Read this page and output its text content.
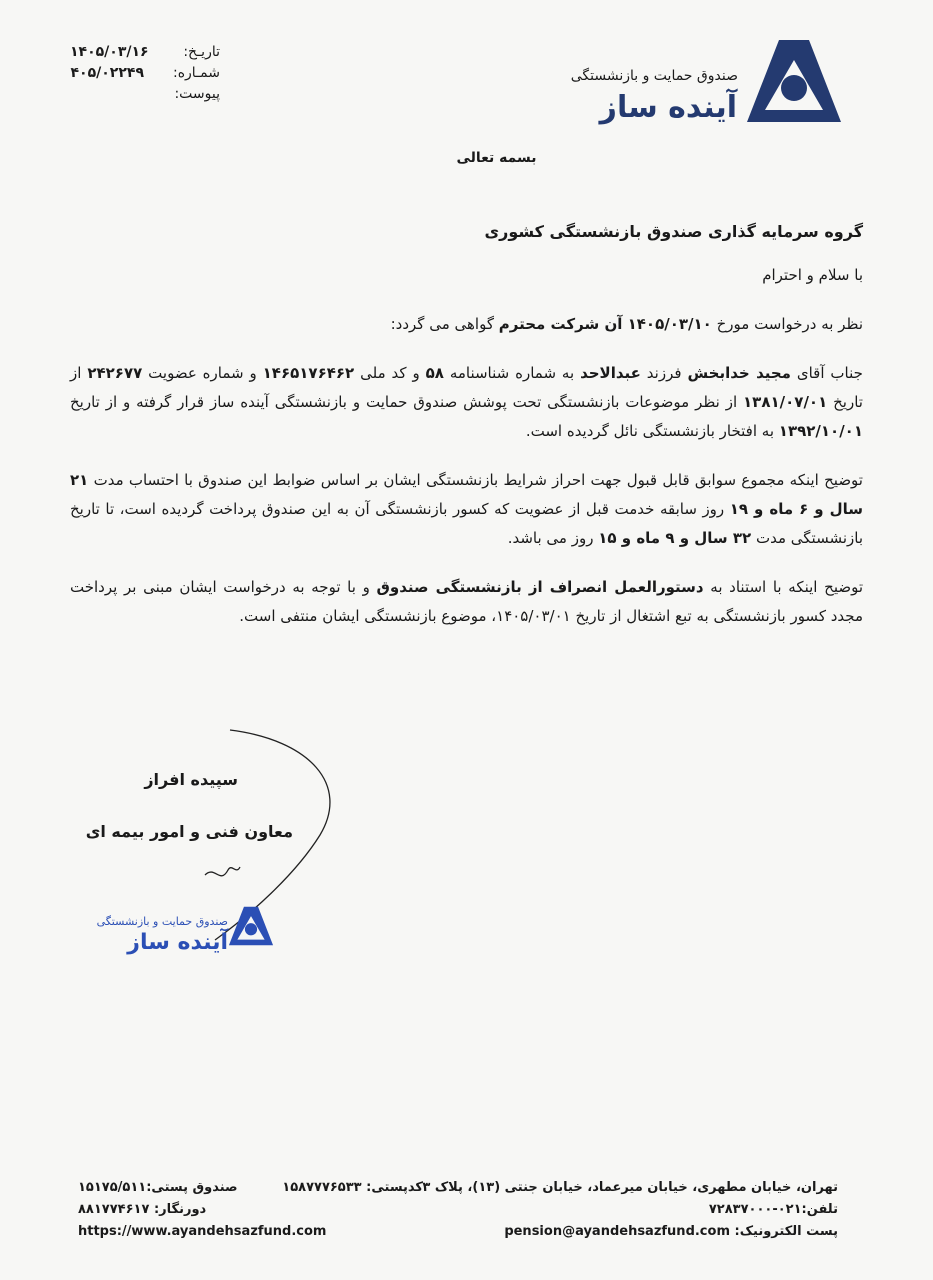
صندوق حمایت و بازنشستگی
آینده ساز
تاریـخ:
۱۴۰۵/۰۳/۱۶
شمـاره:
۴۰۵/۰۲۲۴۹
پیوست:
بسمه تعالی
گروه سرمایه گذاری صندوق بازنشستگی کشوری

با سلام و احترام

نظر به درخواست مورخ ۱۴۰۵/۰۳/۱۰ آن شرکت محترم گواهی می گردد:

جناب آقای مجید خدابخش فرزند عبدالاحد به شماره شناسنامه ۵۸ و کد ملی ۱۴۶۵۱۷۶۴۶۲ و شماره عضویت ۲۴۲۶۷۷ از تاریخ ۱۳۸۱/۰۷/۰۱ از نظر موضوعات بازنشستگی تحت پوشش صندوق حمایت و بازنشستگی آینده ساز قرار گرفته و از تاریخ ۱۳۹۲/۱۰/۰۱ به افتخار بازنشستگی نائل گردیده است.

توضیح اینکه مجموع سوابق قابل قبول جهت احراز شرایط بازنشستگی ایشان بر اساس ضوابط این صندوق با احتساب مدت ۲۱ سال و ۶ ماه و ۱۹ روز سابقه خدمت قبل از عضویت که کسور بازنشستگی آن به این صندوق پرداخت گردیده است، تا تاریخ بازنشستگی مدت ۳۲ سال و ۹ ماه و ۱۵ روز می باشد.

توضیح اینکه با استناد به دستورالعمل انصراف از بازنشستگی صندوق و با توجه به درخواست ایشان مبنی بر پرداخت مجدد کسور بازنشستگی به تبع اشتغال از تاریخ ۱۴۰۵/۰۳/۰۱، موضوع بازنشستگی ایشان منتفی است.

سپیده افراز
معاون فنی و امور بیمه ای
صندوق حمایت و بازنشستگی
آینده ساز
تهران، خیابان مطهری، خیابان میرعماد، خیابان جنتی (۱۳)، پلاک ۳
تلفن:۰۲۱-۷۲۸۳۷۰۰۰
پست الکترونیک: pension@ayandehsazfund.com
کدپستی: ۱۵۸۷۷۷۶۵۳۳
صندوق پستی:۱۵۱۷۵/۵۱۱
دورنگار: ۸۸۱۷۷۴۶۱۷
https://www.ayandehsazfund.com
